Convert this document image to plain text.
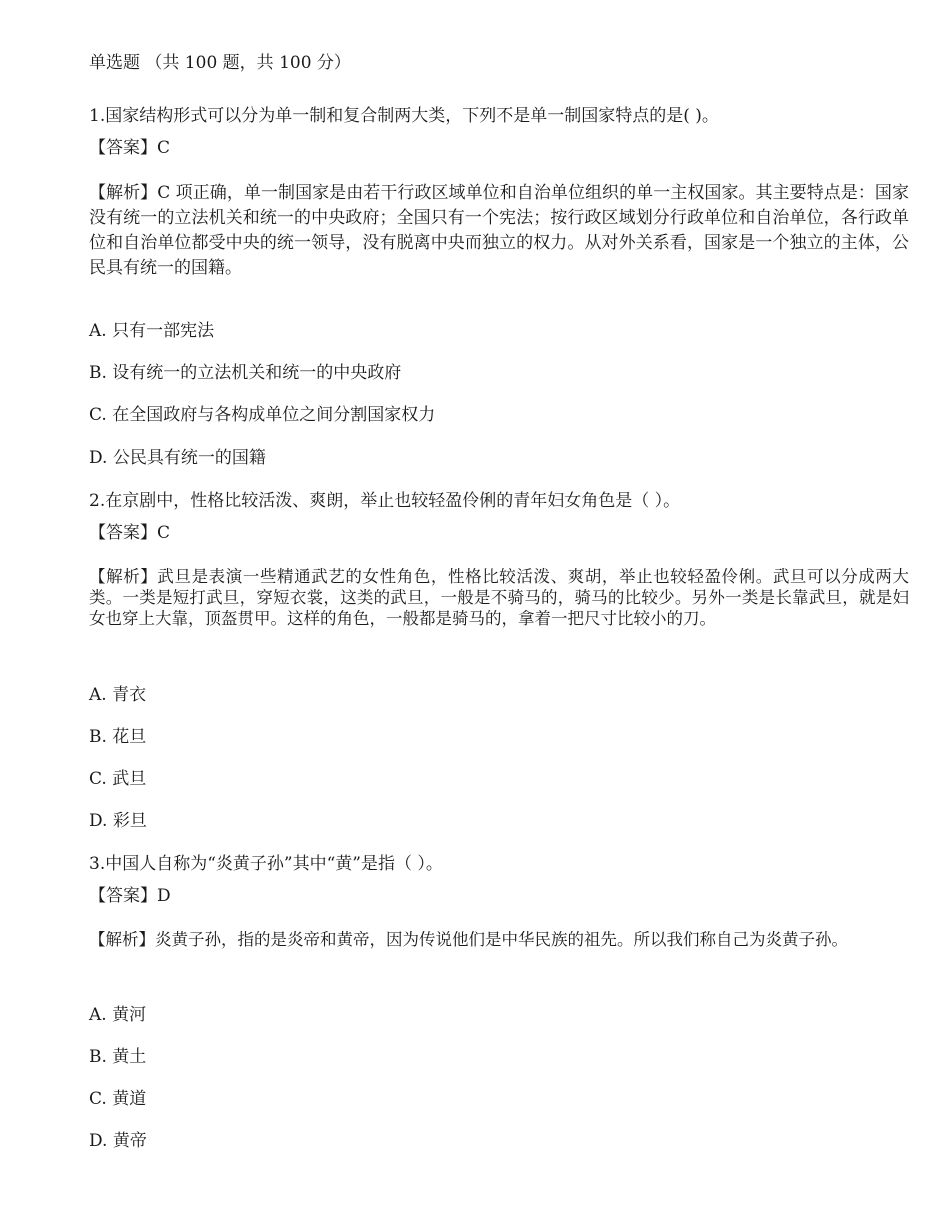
单选题 （共 100 题，共 100 分）
1.国家结构形式可以分为单一制和复合制两大类，下列不是单一制国家特点的是( )。
【答案】C
【解析】C 项正确，单一制国家是由若干行政区域单位和自治单位组织的单一主权国家。其主要特点是：国家没有统一的立法机关和统一的中央政府；全国只有一个宪法；按行政区域划分行政单位和自治单位，各行政单位和自治单位都受中央的统一领导，没有脱离中央而独立的权力。从对外关系看，国家是一个独立的主体，公民具有统一的国籍。
A. 只有一部宪法
B. 设有统一的立法机关和统一的中央政府
C. 在全国政府与各构成单位之间分割国家权力
D. 公民具有统一的国籍
2.在京剧中，性格比较活泼、爽朗，举止也较轻盈伶俐的青年妇女角色是（ ）。
【答案】C
【解析】武旦是表演一些精通武艺的女性角色，性格比较活泼、爽胡，举止也较轻盈伶俐。武旦可以分成两大类。一类是短打武旦，穿短衣裳，这类的武旦，一般是不骑马的，骑马的比较少。另外一类是长靠武旦，就是妇女也穿上大靠，顶盔贯甲。这样的角色，一般都是骑马的，拿着一把尺寸比较小的刀。
A. 青衣
B. 花旦
C. 武旦
D. 彩旦
3.中国人自称为“炎黄子孙”其中“黄”是指（ ）。
【答案】D
【解析】炎黄子孙，指的是炎帝和黄帝，因为传说他们是中华民族的祖先。所以我们称自己为炎黄子孙。
A. 黄河
B. 黄土
C. 黄道
D. 黄帝
